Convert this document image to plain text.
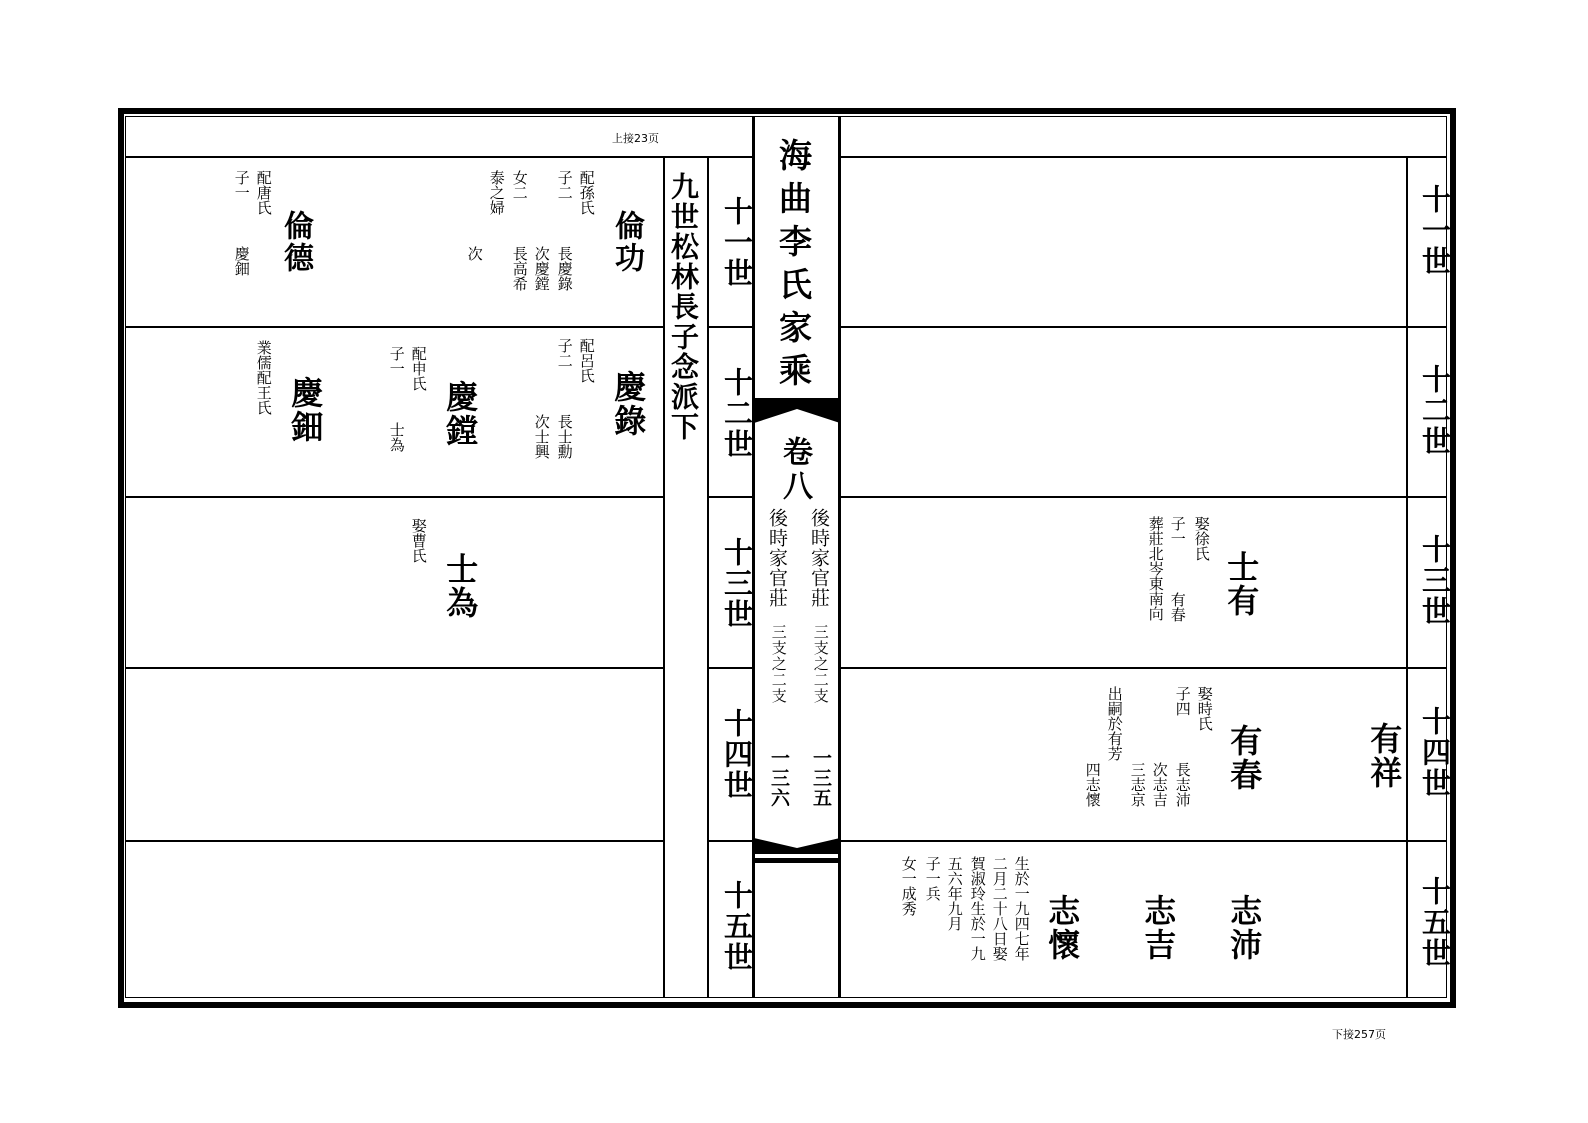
上接23页
下接257页
海曲李氏家乘
卷八
後時家官莊
三支之二支
一三五
後時家官莊
三支之二支
一三六
九世松林長子念派下 十一世
十二世
十三世
十四世
十五世
倫功
配孫氏
子二
長慶錄
次慶鏜
女二
長高希
泰之婦
次
倫德
配唐氏
子一
慶鈿
慶錄
配呂氏
子二
長士勳
次士興
慶鏜
配申氏
子一
士為
慶鈿
業儒配王氏
士為
娶曹氏
十一世
十二世
十三世
十四世
十五世
士有
娶徐氏
子一
有春
葬莊北岑東南向
有春
娶時氏
子四
長志沛
次志吉
三志京
出嗣於有芳
四志懷	有祥
志沛
志吉
志懷
生於一九四七年
二月二十八日娶
賀淑玲生於一九
五六年九月
子一兵
女一成秀
